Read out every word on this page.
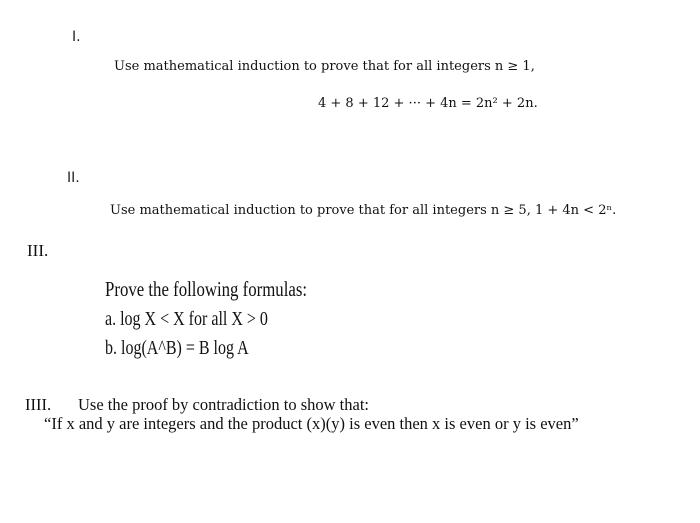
I.
Use mathematical induction to prove that for all integers n ≥ 1,
4 + 8 + 12 + ··· + 4n = 2n² + 2n.
II.
Use mathematical induction to prove that for all integers n ≥ 5, 1 + 4n < 2ⁿ.
III.
Prove the following formulas:
a. log X < X for all X > 0
b. log(A^B) = B log A
IIII. Use the proof by contradiction to show that:
“If x and y are integers and the product (x)(y) is even then x is even or y is even”
